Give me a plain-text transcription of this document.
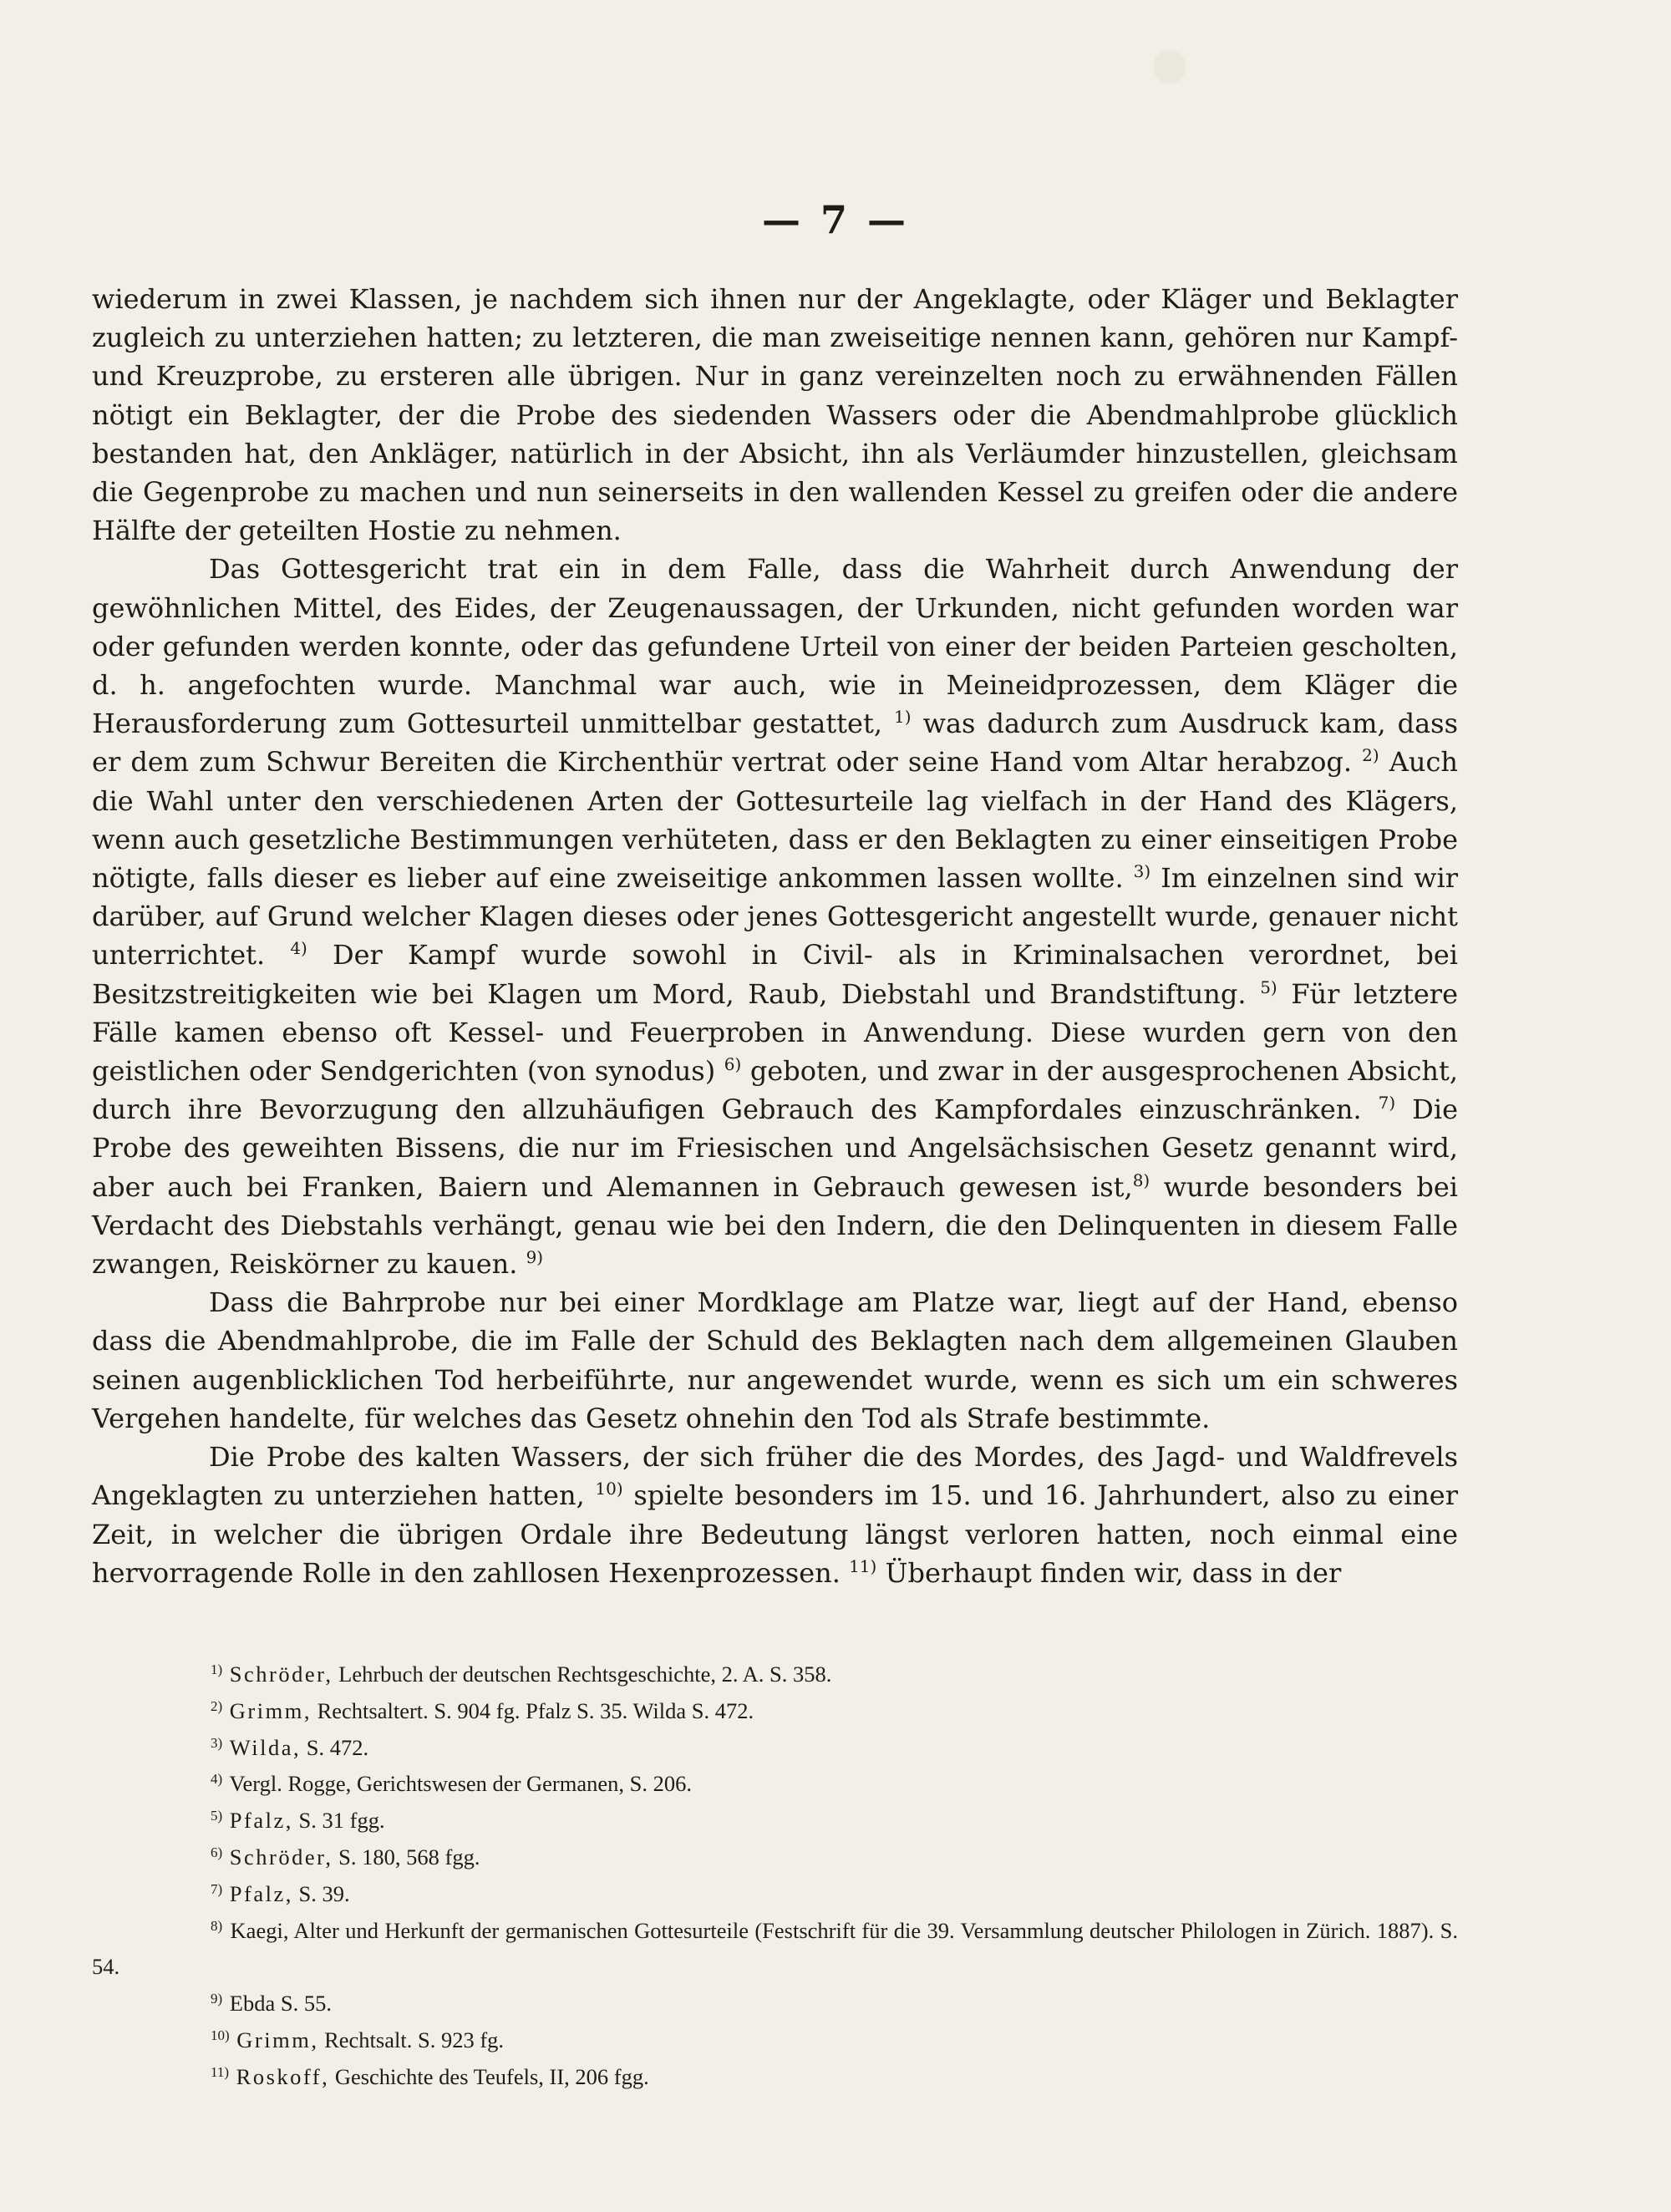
— 7 —

wiederum in zwei Klassen, je nachdem sich ihnen nur der Angeklagte, oder Kläger und Beklagter zugleich zu unterziehen hatten; zu letzteren, die man zweiseitige nennen kann, gehören nur Kampf- und Kreuzprobe, zu ersteren alle übrigen. Nur in ganz vereinzelten noch zu erwähnenden Fällen nötigt ein Beklagter, der die Probe des siedenden Wassers oder die Abendmahlprobe glücklich bestanden hat, den Ankläger, natürlich in der Absicht, ihn als Verläumder hinzustellen, gleichsam die Gegenprobe zu machen und nun seinerseits in den wallenden Kessel zu greifen oder die andere Hälfte der geteilten Hostie zu nehmen.

Das Gottesgericht trat ein in dem Falle, dass die Wahrheit durch Anwendung der gewöhnlichen Mittel, des Eides, der Zeugenaussagen, der Urkunden, nicht gefunden worden war oder gefunden werden konnte, oder das gefundene Urteil von einer der beiden Parteien gescholten, d. h. angefochten wurde. Manchmal war auch, wie in Meineidprozessen, dem Kläger die Herausforderung zum Gottesurteil unmittelbar gestattet, $^{1)}$ was dadurch zum Ausdruck kam, dass er dem zum Schwur Bereiten die Kirchenthür vertrat oder seine Hand vom Altar herabzog. $^{2)}$ Auch die Wahl unter den verschiedenen Arten der Gottesurteile lag vielfach in der Hand des Klägers, wenn auch gesetzliche Bestimmungen verhüteten, dass er den Beklagten zu einer einseitigen Probe nötigte, falls dieser es lieber auf eine zweiseitige ankommen lassen wollte. $^{3)}$ Im einzelnen sind wir darüber, auf Grund welcher Klagen dieses oder jenes Gottesgericht angestellt wurde, genauer nicht unterrichtet. $^{4)}$ Der Kampf wurde sowohl in Civil- als in Kriminalsachen verordnet, bei Besitzstreitigkeiten wie bei Klagen um Mord, Raub, Diebstahl und Brandstiftung. $^{5)}$ Für letztere Fälle kamen ebenso oft Kessel- und Feuerproben in Anwendung. Diese wurden gern von den geistlichen oder Sendgerichten (von synodus) $^{6)}$ geboten, und zwar in der ausgesprochenen Absicht, durch ihre Bevorzugung den allzuhäufigen Gebrauch des Kampfordales einzuschränken. $^{7)}$ Die Probe des geweihten Bissens, die nur im Friesischen und Angelsächsischen Gesetz genannt wird, aber auch bei Franken, Baiern und Alemannen in Gebrauch gewesen ist,$^{8)}$ wurde besonders bei Verdacht des Diebstahls verhängt, genau wie bei den Indern, die den Delinquenten in diesem Falle zwangen, Reiskörner zu kauen. $^{9)}$

Dass die Bahrprobe nur bei einer Mordklage am Platze war, liegt auf der Hand, ebenso dass die Abendmahlprobe, die im Falle der Schuld des Beklagten nach dem allgemeinen Glauben seinen augenblicklichen Tod herbeiführte, nur angewendet wurde, wenn es sich um ein schweres Vergehen handelte, für welches das Gesetz ohnehin den Tod als Strafe bestimmte.

Die Probe des kalten Wassers, der sich früher die des Mordes, des Jagd- und Waldfrevels Angeklagten zu unterziehen hatten, $^{10)}$ spielte besonders im 15. und 16. Jahrhundert, also zu einer Zeit, in welcher die übrigen Ordale ihre Bedeutung längst verloren hatten, noch einmal eine hervorragende Rolle in den zahllosen Hexenprozessen. $^{11)}$ Überhaupt finden wir, dass in der

$^{1)}$ Schröder, Lehrbuch der deutschen Rechtsgeschichte, 2. A. S. 358.
$^{2)}$ Grimm, Rechtsaltert. S. 904 fg. Pfalz S. 35. Wilda S. 472.
$^{3)}$ Wilda, S. 472.
$^{4)}$ Vergl. Rogge, Gerichtswesen der Germanen, S. 206.
$^{5)}$ Pfalz, S. 31 fgg.
$^{6)}$ Schröder, S. 180, 568 fgg.
$^{7)}$ Pfalz, S. 39.
$^{8)}$ Kaegi, Alter und Herkunft der germanischen Gottesurteile (Festschrift für die 39. Versammlung deutscher Philologen in Zürich. 1887). S. 54.
$^{9)}$ Ebda S. 55.
$^{10)}$ Grimm, Rechtsalt. S. 923 fg.
$^{11)}$ Roskoff, Geschichte des Teufels, II, 206 fgg.
